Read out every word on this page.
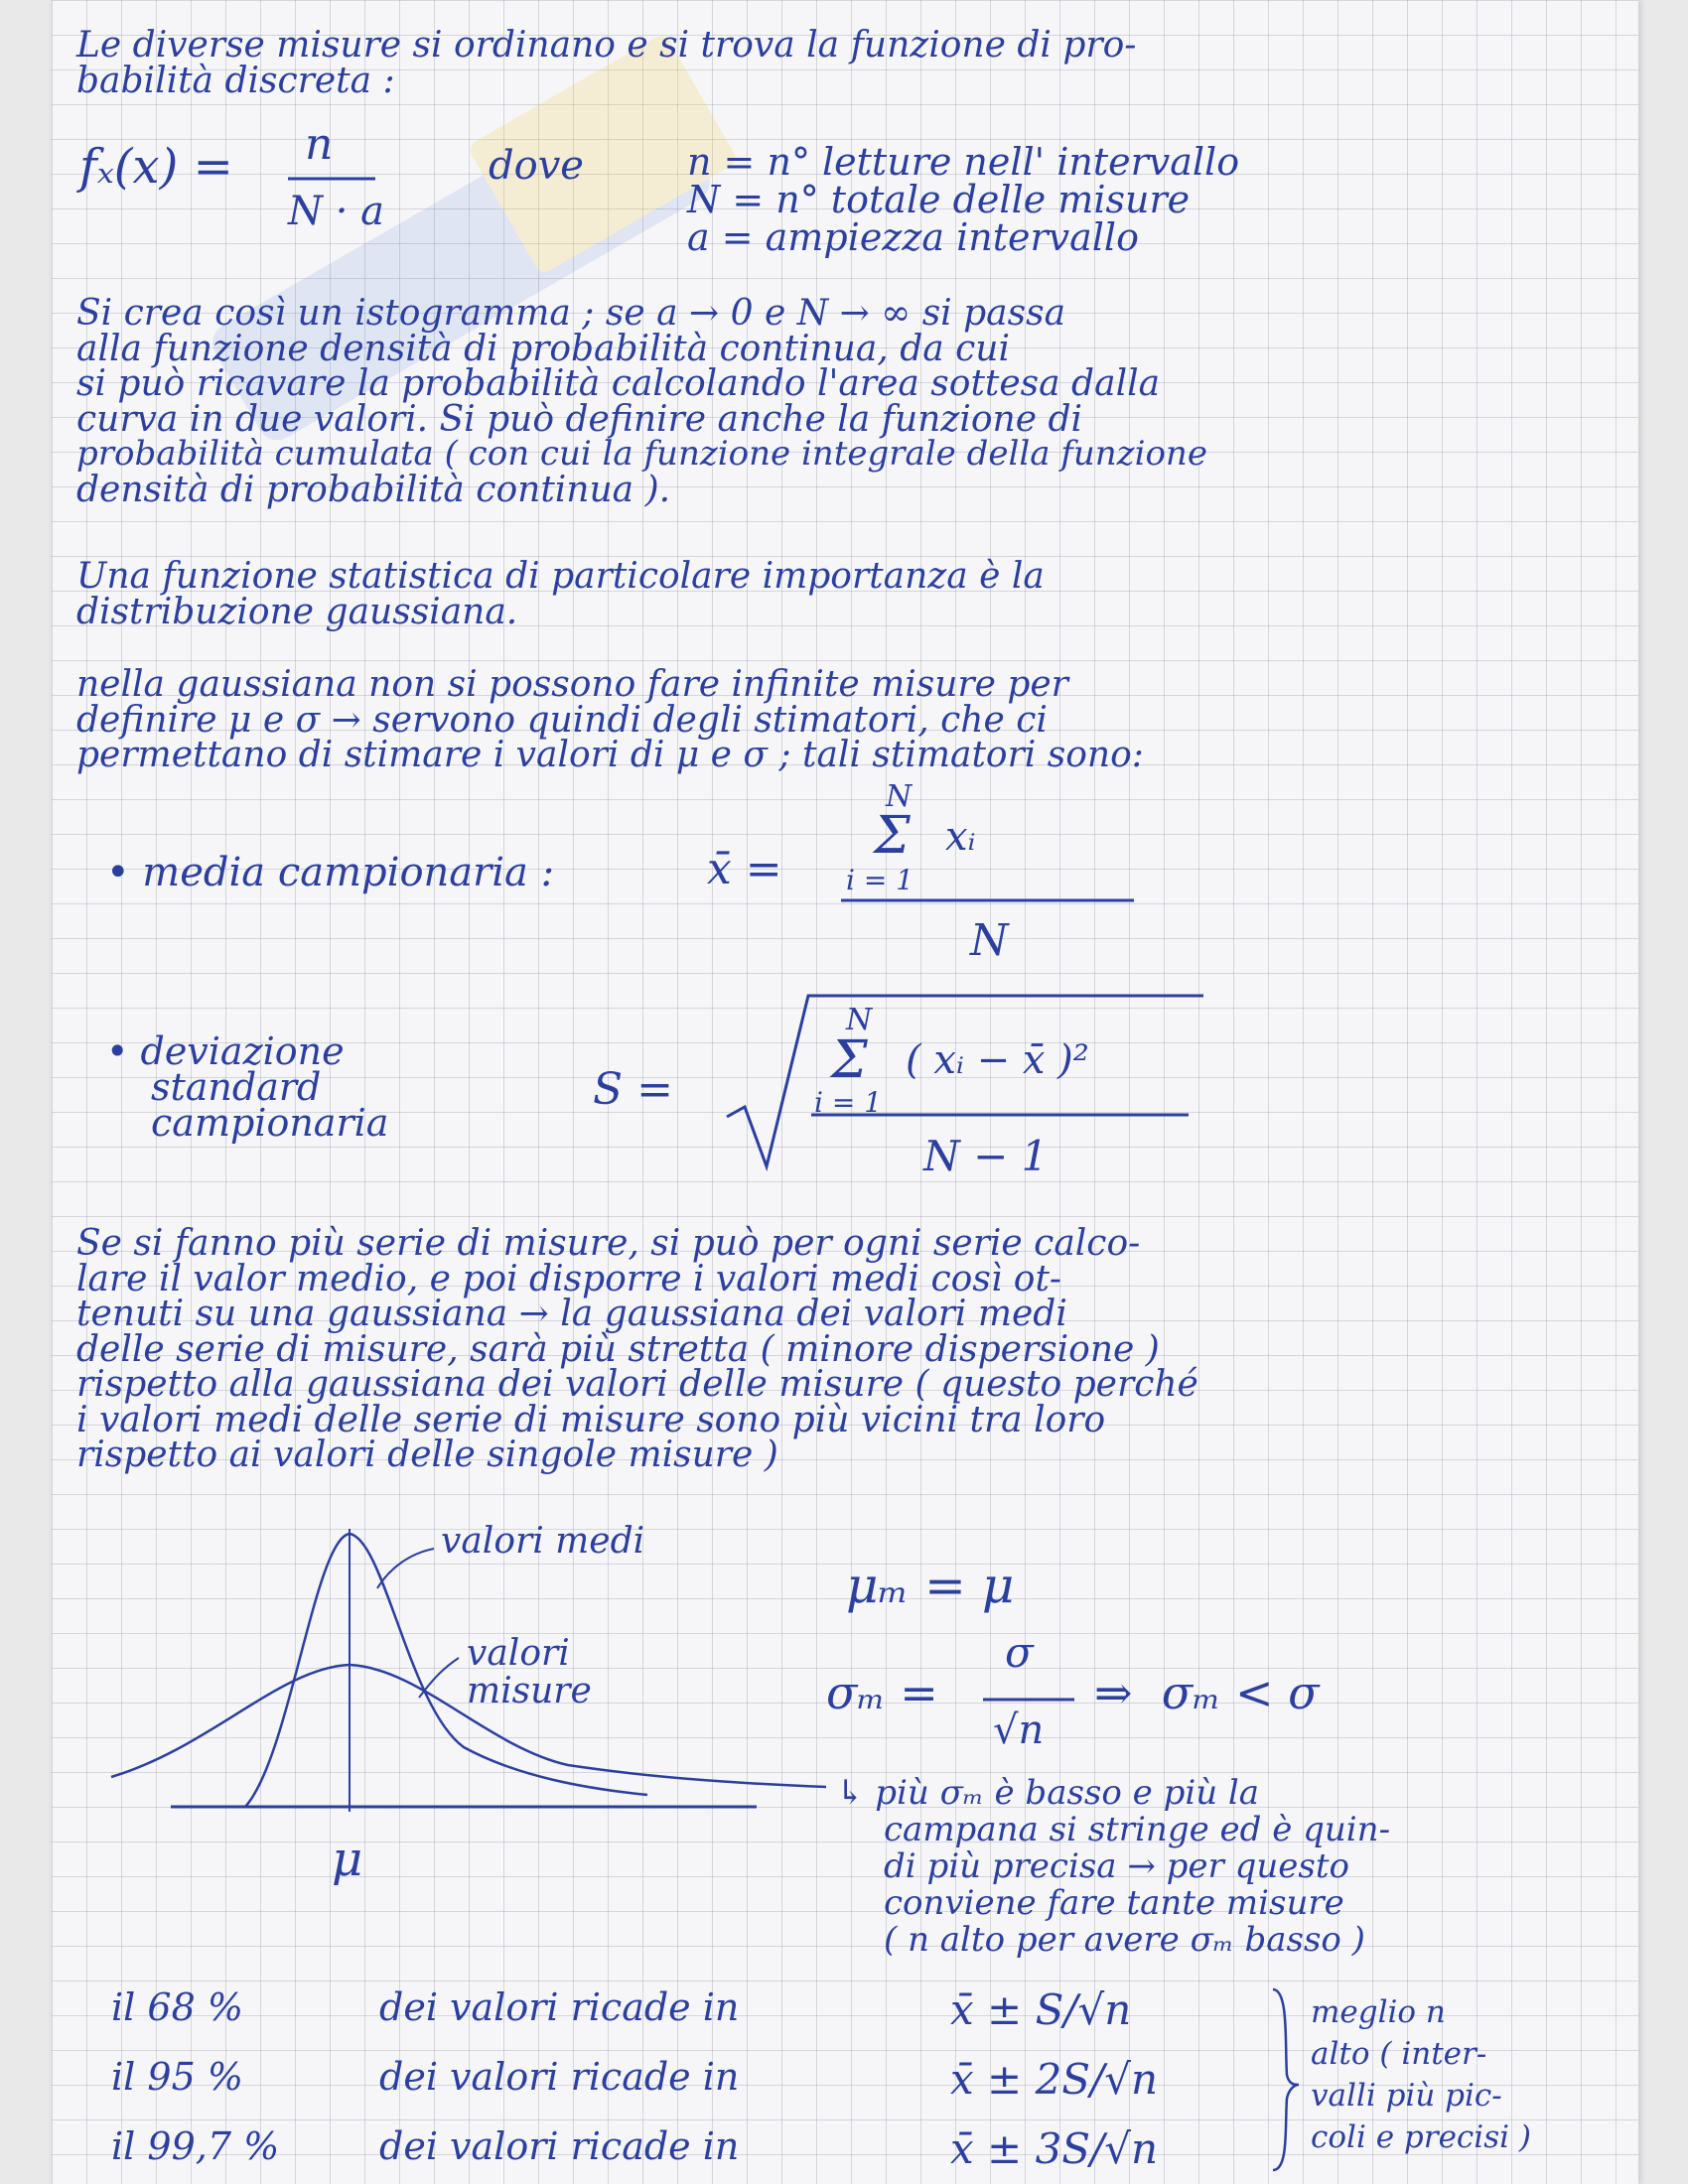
Le diverse misure si ordinano e si trova la funzione di pro-
babilità discreta :
fₓ(x) = n
N · a
dove	n = n° letture nell' intervallo
N = n° totale delle misure
a = ampiezza intervallo
Si crea così un istogramma ; se a → 0 e N → ∞ si passa
alla funzione densità di probabilità continua, da cui
si può ricavare la probabilità calcolando l'area sottesa dalla
curva in due valori. Si può definire anche la funzione di
probabilità cumulata ( con cui la funzione integrale della funzione
densità di probabilità continua ).
Una funzione statistica di particolare importanza è la
distribuzione gaussiana.
nella gaussiana non si possono fare infinite misure per
definire μ e σ → servono quindi degli stimatori, che ci
permettano di stimare i valori di μ e σ ; tali stimatori sono:
• media campionaria :	x̄ =
N
Σ xᵢ
i = 1
N
• deviazione
standard
campionaria
S =
N
Σ ( xᵢ − x̄ )²
i = 1
N − 1
Se si fanno più serie di misure, si può per ogni serie calco-
lare il valor medio, e poi disporre i valori medi così ot-
tenuti su una gaussiana → la gaussiana dei valori medi
delle serie di misure, sarà più stretta ( minore dispersione )
rispetto alla gaussiana dei valori delle misure ( questo perché
i valori medi delle serie di misure sono più vicini tra loro
rispetto ai valori delle singole misure )
valori medi
valori
misure
μ
μₘ = μ
σₘ =
σ
√n
⇒  σₘ < σ
↳ più σₘ è basso e più la
campana si stringe ed è quin-
di più precisa → per questo
conviene fare tante misure
( n alto per avere σₘ basso )
il 68 %	dei valori ricade in	x̄ ± S/√n
il 95 %	dei valori ricade in	x̄ ± 2S/√n
il 99,7 %	dei valori ricade in	x̄ ± 3S/√n
meglio n
alto ( inter-
valli più pic-
coli e precisi )
